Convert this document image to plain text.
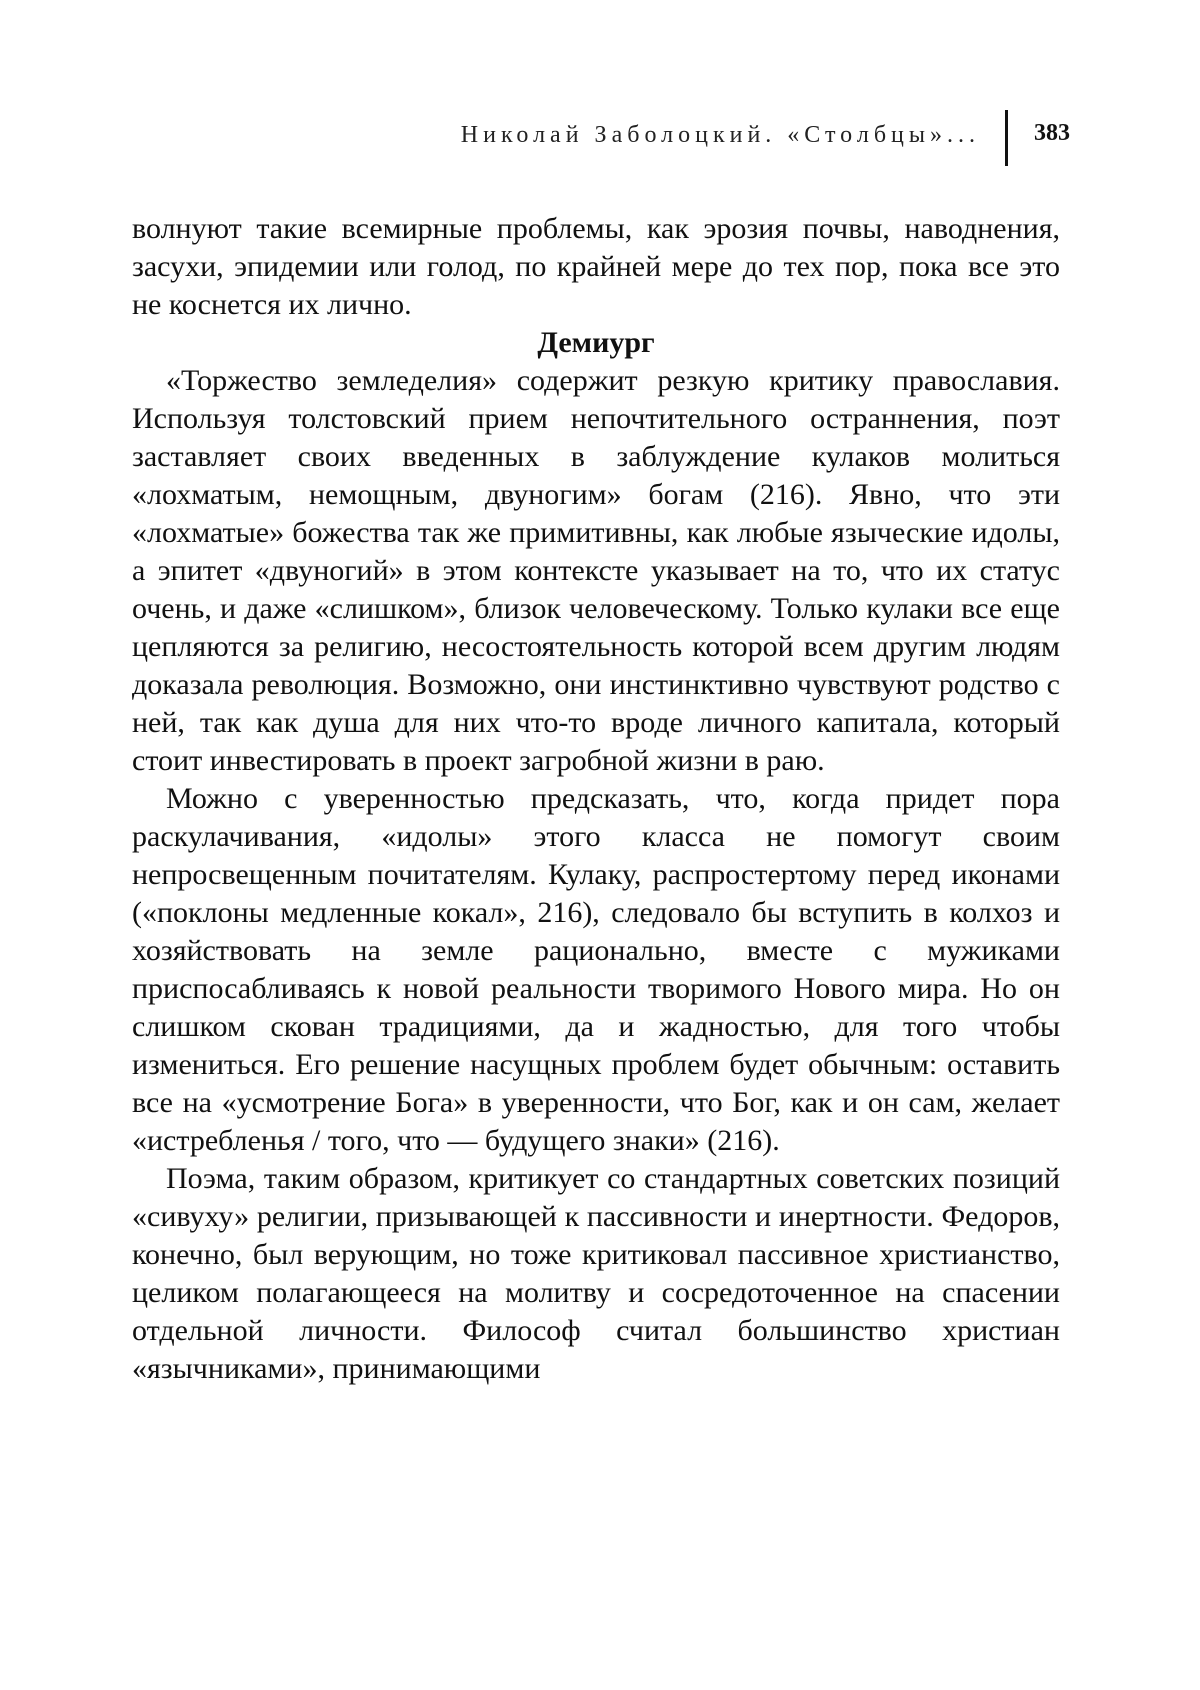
Николай Заболоцкий. «Столбцы»... 383

волнуют такие всемирные проблемы, как эрозия почвы, наводнения, засухи, эпидемии или голод, по крайней мере до тех пор, пока все это не коснется их лично.

Демиург

«Торжество земледелия» содержит резкую критику православия. Используя толстовский прием непочтительного остраннения, поэт заставляет своих введенных в заблуждение кулаков молиться «лохматым, немощным, двуногим» богам (216). Явно, что эти «лохматые» божества так же примитивны, как любые языческие идолы, а эпитет «двуногий» в этом контексте указывает на то, что их статус очень, и даже «слишком», близок человеческому. Только кулаки все еще цепляются за религию, несостоятельность которой всем другим людям доказала революция. Возможно, они инстинктивно чувствуют родство с ней, так как душа для них что-то вроде личного капитала, который стоит инвестировать в проект загробной жизни в раю.

Можно с уверенностью предсказать, что, когда придет пора раскулачивания, «идолы» этого класса не помогут своим непросвещенным почитателям. Кулаку, распростертому перед иконами («поклоны медленные кокал», 216), следовало бы вступить в колхоз и хозяйствовать на земле рационально, вместе с мужиками приспосабливаясь к новой реальности творимого Нового мира. Но он слишком скован традициями, да и жадностью, для того чтобы измениться. Его решение насущных проблем будет обычным: оставить все на «усмотрение Бога» в уверенности, что Бог, как и он сам, желает «истребленья / того, что — будущего знаки» (216).

Поэма, таким образом, критикует со стандартных советских позиций «сивуху» религии, призывающей к пассивности и инертности. Федоров, конечно, был верующим, но тоже критиковал пассивное христианство, целиком полагающееся на молитву и сосредоточенное на спасении отдельной личности. Философ считал большинство христиан «язычниками», принимающими
